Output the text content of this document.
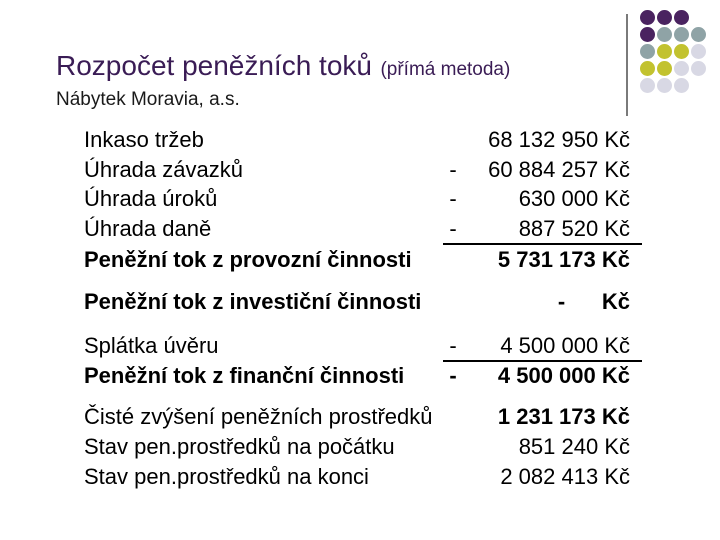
Rozpočet peněžních toků (přímá metoda)
Nábytek Moravia, a.s.
Inkaso tržeb	68 132 950 Kč
Úhrada závazků	- 60 884 257 Kč
Úhrada úroků	-	630 000 Kč
Úhrada daně	-	887 520 Kč
Peněžní tok z provozní činnosti	5 731 173 Kč
Peněžní tok z investiční činnosti	-      Kč
Splátka úvěru	- 4 500 000 Kč
Peněžní tok z finanční činnosti - 4 500 000 Kč
Čisté zvýšení peněžních prostředků	1 231 173 Kč
Stav pen.prostředků na počátku	851 240 Kč
Stav pen.prostředků na konci	2 082 413 Kč
